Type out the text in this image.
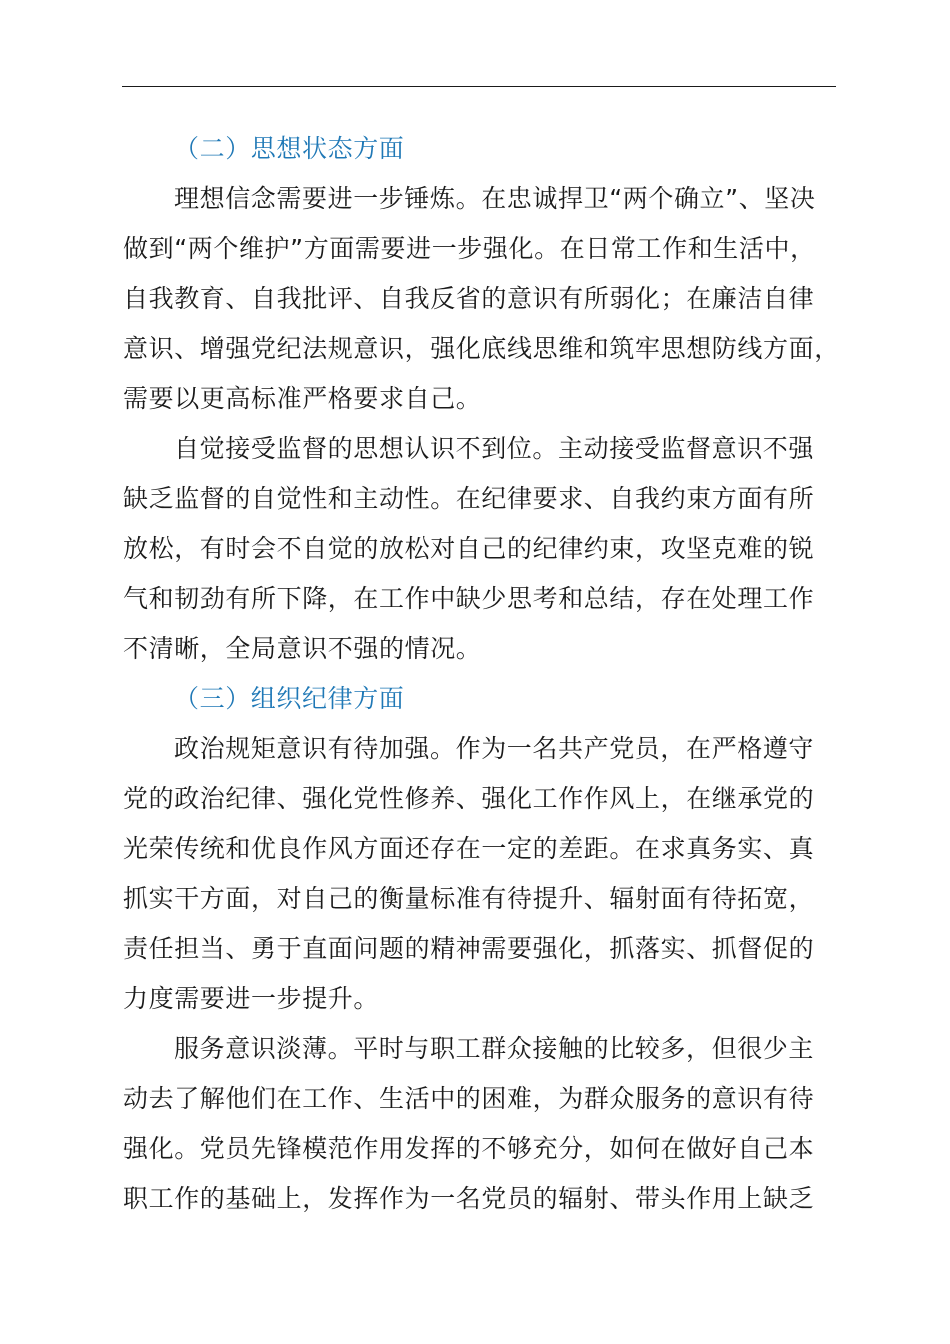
（二）思想状态方面
理想信念需要进一步锤炼。在忠诚捍卫“两个确立”、坚决
做到“两个维护”方面需要进一步强化。在日常工作和生活中，
自我教育、自我批评、自我反省的意识有所弱化；在廉洁自律
意识、增强党纪法规意识，强化底线思维和筑牢思想防线方面，
需要以更高标准严格要求自己。
自觉接受监督的思想认识不到位。主动接受监督意识不强
缺乏监督的自觉性和主动性。在纪律要求、自我约束方面有所
放松，有时会不自觉的放松对自己的纪律约束，攻坚克难的锐
气和韧劲有所下降，在工作中缺少思考和总结，存在处理工作
不清晰，全局意识不强的情况。
（三）组织纪律方面
政治规矩意识有待加强。作为一名共产党员，在严格遵守
党的政治纪律、强化党性修养、强化工作作风上，在继承党的
光荣传统和优良作风方面还存在一定的差距。在求真务实、真
抓实干方面，对自己的衡量标准有待提升、辐射面有待拓宽，
责任担当、勇于直面问题的精神需要强化，抓落实、抓督促的
力度需要进一步提升。
服务意识淡薄。平时与职工群众接触的比较多，但很少主
动去了解他们在工作、生活中的困难，为群众服务的意识有待
强化。党员先锋模范作用发挥的不够充分，如何在做好自己本
职工作的基础上，发挥作为一名党员的辐射、带头作用上缺乏
